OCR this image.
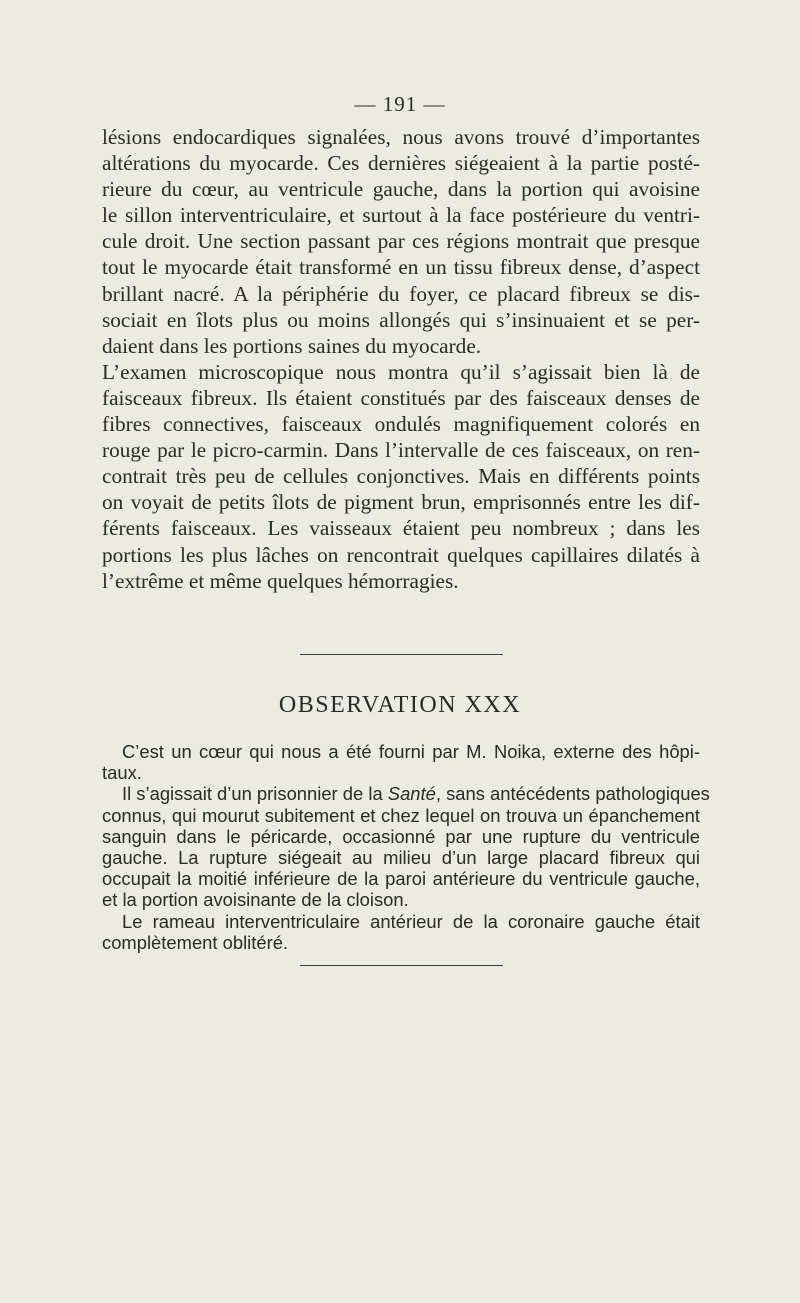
— 191 —

lésions endocardiques signalées, nous avons trouvé d’importantes
altérations du myocarde. Ces dernières siégeaient à la partie posté-
rieure du cœur, au ventricule gauche, dans la portion qui avoisine
le sillon interventriculaire, et surtout à la face postérieure du ventri-
cule droit. Une section passant par ces régions montrait que presque
tout le myocarde était transformé en un tissu fibreux dense, d’aspect
brillant nacré. A la périphérie du foyer, ce placard fibreux se dis-
sociait en îlots plus ou moins allongés qui s’insinuaient et se per-
daient dans les portions saines du myocarde.

L’examen microscopique nous montra qu’il s’agissait bien là de
faisceaux fibreux. Ils étaient constitués par des faisceaux denses de
fibres connectives, faisceaux ondulés magnifiquement colorés en
rouge par le picro-carmin. Dans l’intervalle de ces faisceaux, on ren-
contrait très peu de cellules conjonctives. Mais en différents points
on voyait de petits îlots de pigment brun, emprisonnés entre les dif-
férents faisceaux. Les vaisseaux étaient peu nombreux ; dans les
portions les plus lâches on rencontrait quelques capillaires dilatés à
l’extrême et même quelques hémorragies.

OBSERVATION XXX

C’est un cœur qui nous a été fourni par M. Noika, externe des hôpi-
taux.

Il s’agissait d’un prisonnier de la Santé, sans antécédents pathologiques
connus, qui mourut subitement et chez lequel on trouva un épanchement
sanguin dans le péricarde, occasionné par une rupture du ventricule
gauche. La rupture siégeait au milieu d’un large placard fibreux qui
occupait la moitié inférieure de la paroi antérieure du ventricule gauche,
et la portion avoisinante de la cloison.

Le rameau interventriculaire antérieur de la coronaire gauche était
complètement oblitéré.
